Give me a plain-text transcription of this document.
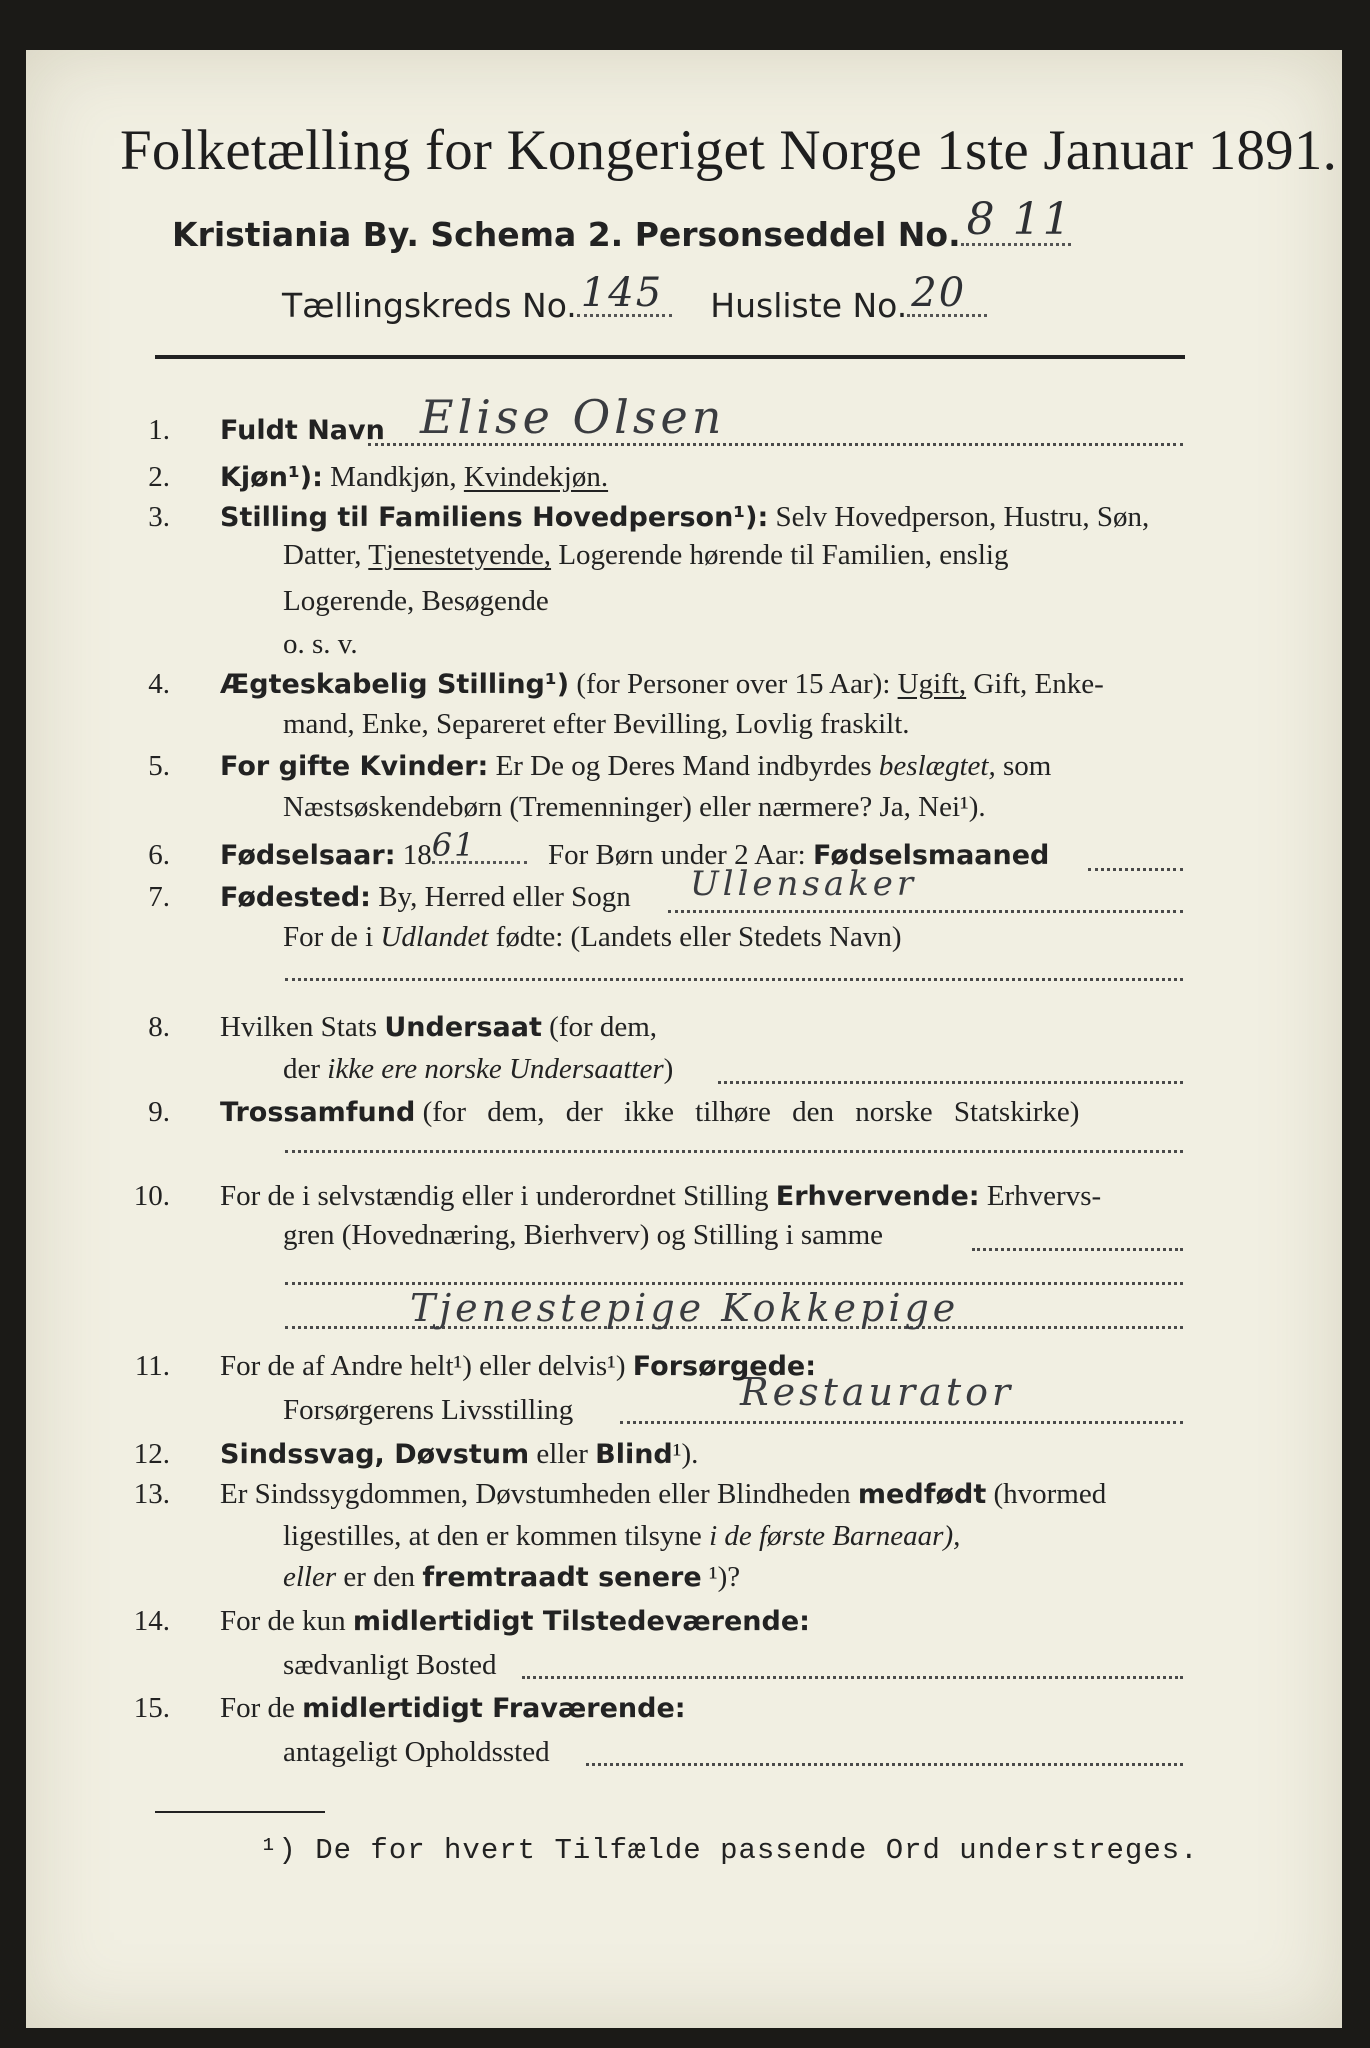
Folketælling for Kongeriget Norge 1ste Januar 1891.
Kristiania By. Schema 2. Personseddel No. 8 11
Tællingskreds No. 145 Husliste No. 20
1. Fuldt Navn Elise Olsen
2. Kjøn¹): Mandkjøn, Kvindekjøn.
3. Stilling til Familiens Hovedperson¹): Selv Hovedperson, Hustru, Søn,
Datter, Tjenestetyende, Logerende hørende til Familien, enslig
Logerende, Besøgende
o. s. v.
4. Ægteskabelig Stilling¹) (for Personer over 15 Aar): Ugift, Gift, Enke-
mand, Enke, Separeret efter Bevilling, Lovlig fraskilt.
5. For gifte Kvinder: Er De og Deres Mand indbyrdes beslægtet, som
Næstsøskendebørn (Tremenninger) eller nærmere? Ja, Nei¹).
6. Fødselsaar: 18 61 For Børn under 2 Aar: Fødselsmaaned
7. Fødested: By, Herred eller Sogn Ullensaker
For de i Udlandet fødte: (Landets eller Stedets Navn)
8. Hvilken Stats Undersaat (for dem,
der ikke ere norske Undersaatter)
9. Trossamfund (for dem, der ikke tilhøre den norske Statskirke)
10. For de i selvstændig eller i underordnet Stilling Erhvervende: Erhvervs-
gren (Hovednæring, Bierhverv) og Stilling i samme
Tjenestepige Kokkepige
11. For de af Andre helt¹) eller delvis¹) Forsørgede:
Forsørgerens Livsstilling	Restaurator
12. Sindssvag, Døvstum eller Blind¹).
13. Er Sindssygdommen, Døvstumheden eller Blindheden medfødt (hvormed
ligestilles, at den er kommen tilsyne i de første Barneaar),
eller er den fremtraadt senere ¹)?
14. For de kun midlertidigt Tilstedeværende:
sædvanligt Bosted
15. For de midlertidigt Fraværende:
antageligt Opholdssted
¹) De for hvert Tilfælde passende Ord understreges.
